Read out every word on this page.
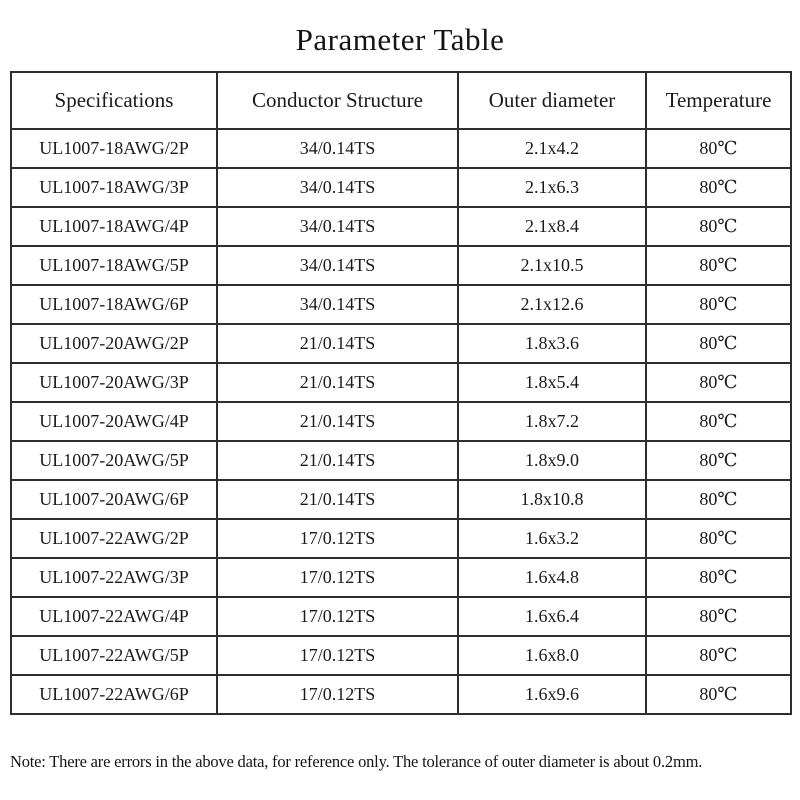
Parameter Table
Specifications	Conductor Structure	Outer diameter	Temperature
UL1007-18AWG/2P	34/0.14TS	2.1x4.2	80℃
UL1007-18AWG/3P	34/0.14TS	2.1x6.3	80℃
UL1007-18AWG/4P	34/0.14TS	2.1x8.4	80℃
UL1007-18AWG/5P	34/0.14TS	2.1x10.5	80℃
UL1007-18AWG/6P	34/0.14TS	2.1x12.6	80℃
UL1007-20AWG/2P	21/0.14TS	1.8x3.6	80℃
UL1007-20AWG/3P	21/0.14TS	1.8x5.4	80℃
UL1007-20AWG/4P	21/0.14TS	1.8x7.2	80℃
UL1007-20AWG/5P	21/0.14TS	1.8x9.0	80℃
UL1007-20AWG/6P	21/0.14TS	1.8x10.8	80℃
UL1007-22AWG/2P	17/0.12TS	1.6x3.2	80℃
UL1007-22AWG/3P	17/0.12TS	1.6x4.8	80℃
UL1007-22AWG/4P	17/0.12TS	1.6x6.4	80℃
UL1007-22AWG/5P	17/0.12TS	1.6x8.0	80℃
UL1007-22AWG/6P	17/0.12TS	1.6x9.6	80℃
Note: There are errors in the above data, for reference only. The tolerance of outer diameter is about 0.2mm.
